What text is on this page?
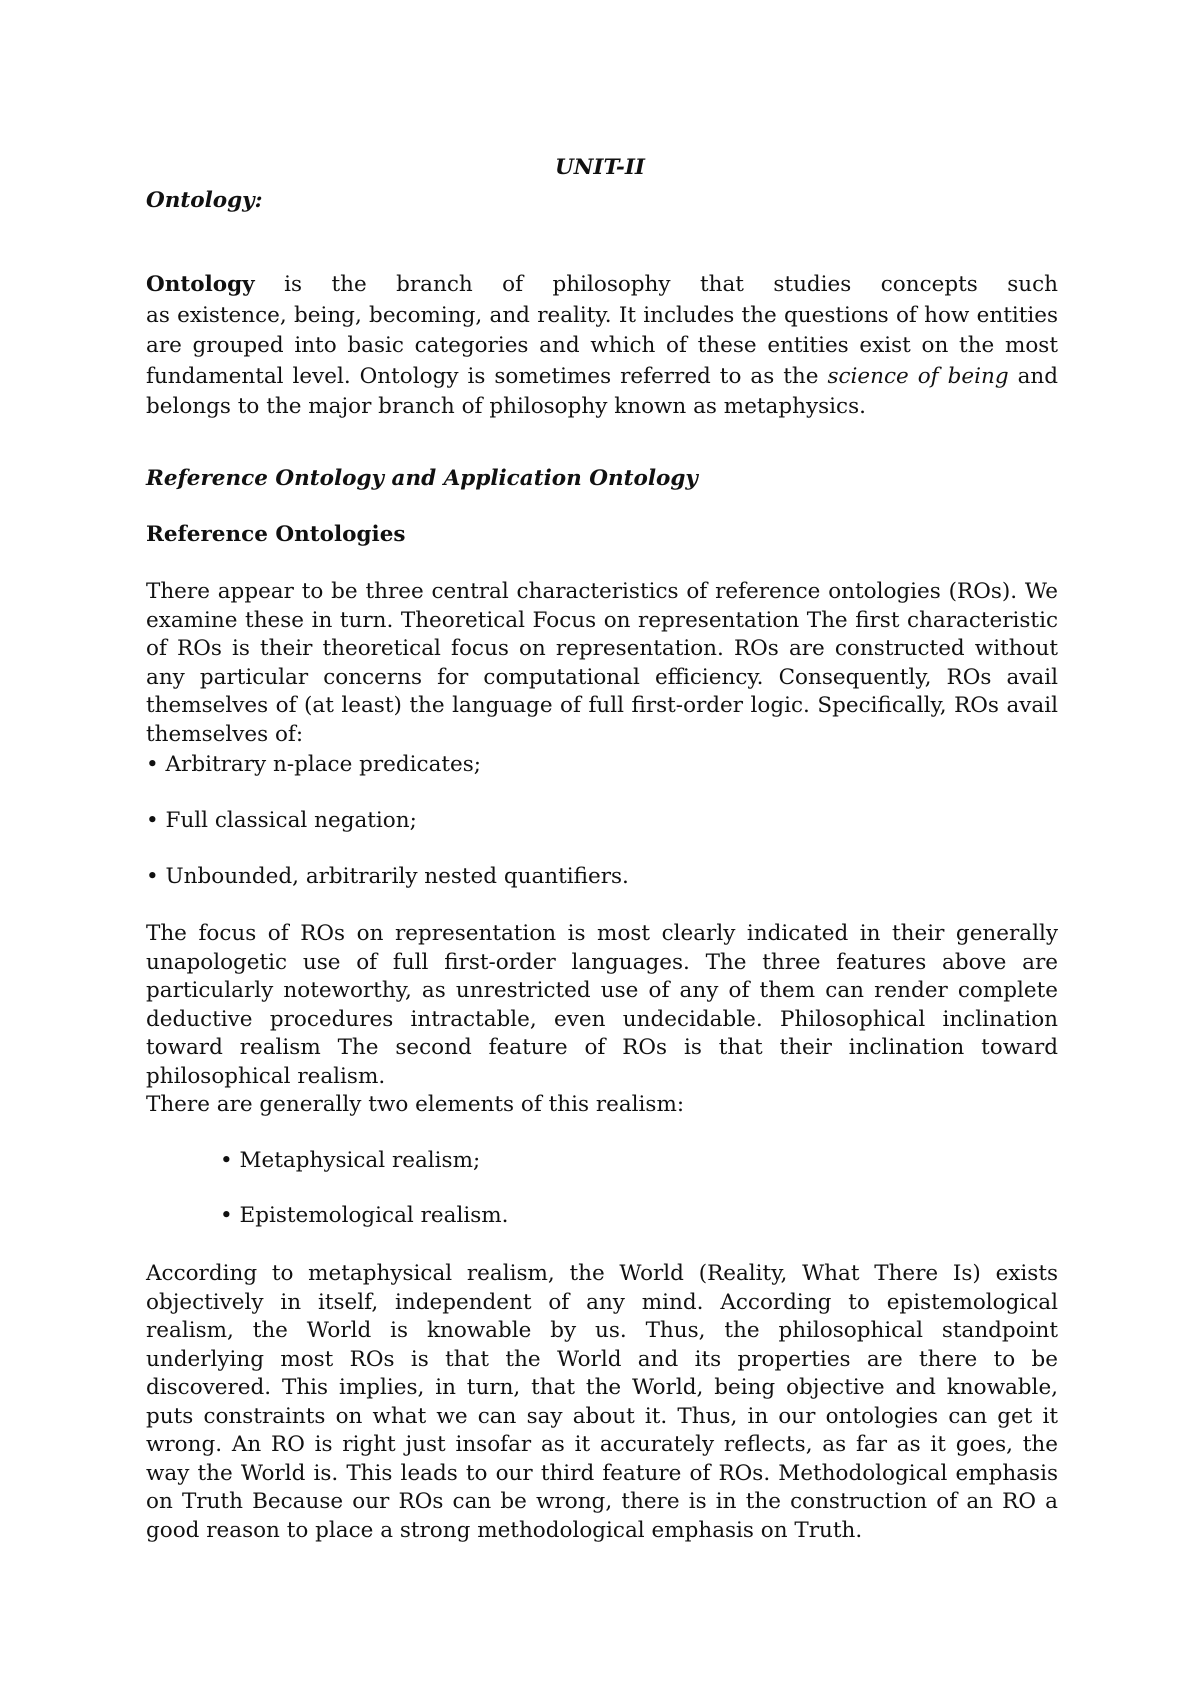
UNIT-II
Ontology:

Ontology is the branch of philosophy that studies concepts such

as existence, being, becoming, and reality. It includes the questions of how entities are grouped into basic categories and which of these entities exist on the most fundamental level. Ontology is sometimes referred to as the science of being and belongs to the major branch of philosophy known as metaphysics.

Reference Ontology and Application Ontology
Reference Ontologies
There appear to be three central characteristics of reference ontologies (ROs). We examine these in turn. Theoretical Focus on representation The first characteristic of ROs is their theoretical focus on representation. ROs are constructed without any particular concerns for computational efficiency. Consequently, ROs avail themselves of (at least) the language of full first-order logic. Specifically, ROs avail themselves of:
• Arbitrary n-place predicates;
• Full classical negation;
• Unbounded, arbitrarily nested quantifiers.
The focus of ROs on representation is most clearly indicated in their generally unapologetic use of full first-order languages. The three features above are particularly noteworthy, as unrestricted use of any of them can render complete deductive procedures intractable, even undecidable. Philosophical inclination toward realism The second feature of ROs is that their inclination toward philosophical realism.
There are generally two elements of this realism:
• Metaphysical realism;
• Epistemological realism.
According to metaphysical realism, the World (Reality, What There Is) exists objectively in itself, independent of any mind. According to epistemological realism, the World is knowable by us. Thus, the philosophical standpoint underlying most ROs is that the World and its properties are there to be discovered. This implies, in turn, that the World, being objective and knowable, puts constraints on what we can say about it. Thus, in our ontologies can get it wrong. An RO is right just insofar as it accurately reflects, as far as it goes, the way the World is. This leads to our third feature of ROs. Methodological emphasis on Truth Because our ROs can be wrong, there is in the construction of an RO a good reason to place a strong methodological emphasis on Truth.
